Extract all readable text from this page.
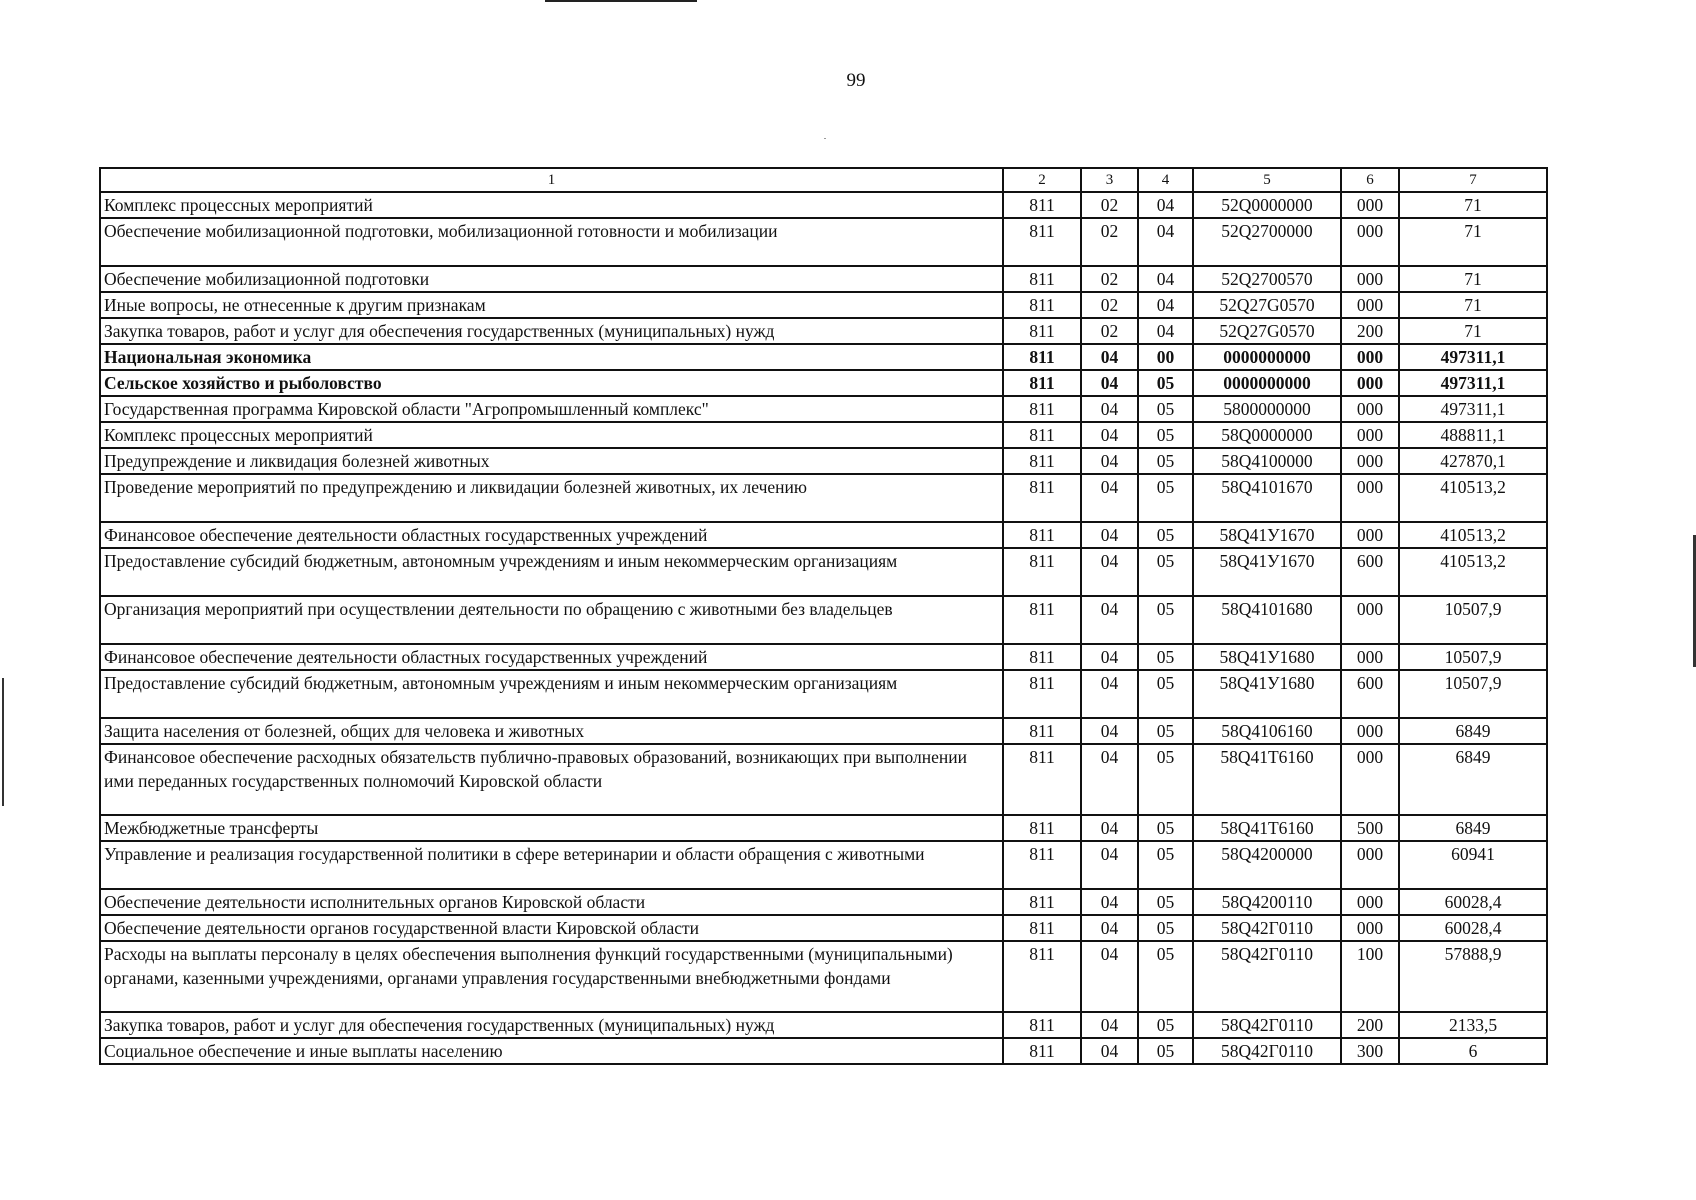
99
1	2	3	4	5	6	7
Комплекс процессных мероприятий	811	02	04	52Q0000000	000	71
Обеспечение мобилизационной подготовки, мобилизационной готовности и мобилизации	811	02	04	52Q2700000	000	71
Обеспечение мобилизационной подготовки	811	02	04	52Q2700570	000	71
Иные вопросы, не отнесенные к другим признакам	811	02	04	52Q27G0570	000	71
Закупка товаров, работ и услуг для обеспечения государственных (муниципальных) нужд	811	02	04	52Q27G0570	200	71
Национальная экономика	811	04	00	0000000000	000	497311,1
Сельское хозяйство и рыболовство	811	04	05	0000000000	000	497311,1
Государственная программа Кировской области "Агропромышленный комплекс"	811	04	05	5800000000	000	497311,1
Комплекс процессных мероприятий	811	04	05	58Q0000000	000	488811,1
Предупреждение и ликвидация болезней животных	811	04	05	58Q4100000	000	427870,1
Проведение мероприятий по предупреждению и ликвидации болезней животных, их лечению	811	04	05	58Q4101670	000	410513,2
Финансовое обеспечение деятельности областных государственных учреждений	811	04	05	58Q41У1670	000	410513,2
Предоставление субсидий бюджетным, автономным учреждениям и иным некоммерческим организациям	811	04	05	58Q41У1670	600	410513,2
Организация мероприятий при осуществлении деятельности по обращению с животными без владельцев	811	04	05	58Q4101680	000	10507,9
Финансовое обеспечение деятельности областных государственных учреждений	811	04	05	58Q41У1680	000	10507,9
Предоставление субсидий бюджетным, автономным учреждениям и иным некоммерческим организациям	811	04	05	58Q41У1680	600	10507,9
Защита населения от болезней, общих для человека и животных	811	04	05	58Q4106160	000	6849
Финансовое обеспечение расходных обязательств публично-правовых образований, возникающих при выполнении ими переданных государственных полномочий Кировской области	811	04	05	58Q41Т6160	000	6849
Межбюджетные трансферты	811	04	05	58Q41Т6160	500	6849
Управление и реализация государственной политики в сфере ветеринарии и области обращения с животными	811	04	05	58Q4200000	000	60941
Обеспечение деятельности исполнительных органов Кировской области	811	04	05	58Q4200110	000	60028,4
Обеспечение деятельности органов государственной власти Кировской области	811	04	05	58Q42Г0110	000	60028,4
Расходы на выплаты персоналу в целях обеспечения выполнения функций государственными (муниципальными) органами, казенными учреждениями, органами управления государственными внебюджетными фондами	811	04	05	58Q42Г0110	100	57888,9
Закупка товаров, работ и услуг для обеспечения государственных (муниципальных) нужд	811	04	05	58Q42Г0110	200	2133,5
Социальное обеспечение и иные выплаты населению	811	04	05	58Q42Г0110	300	6
